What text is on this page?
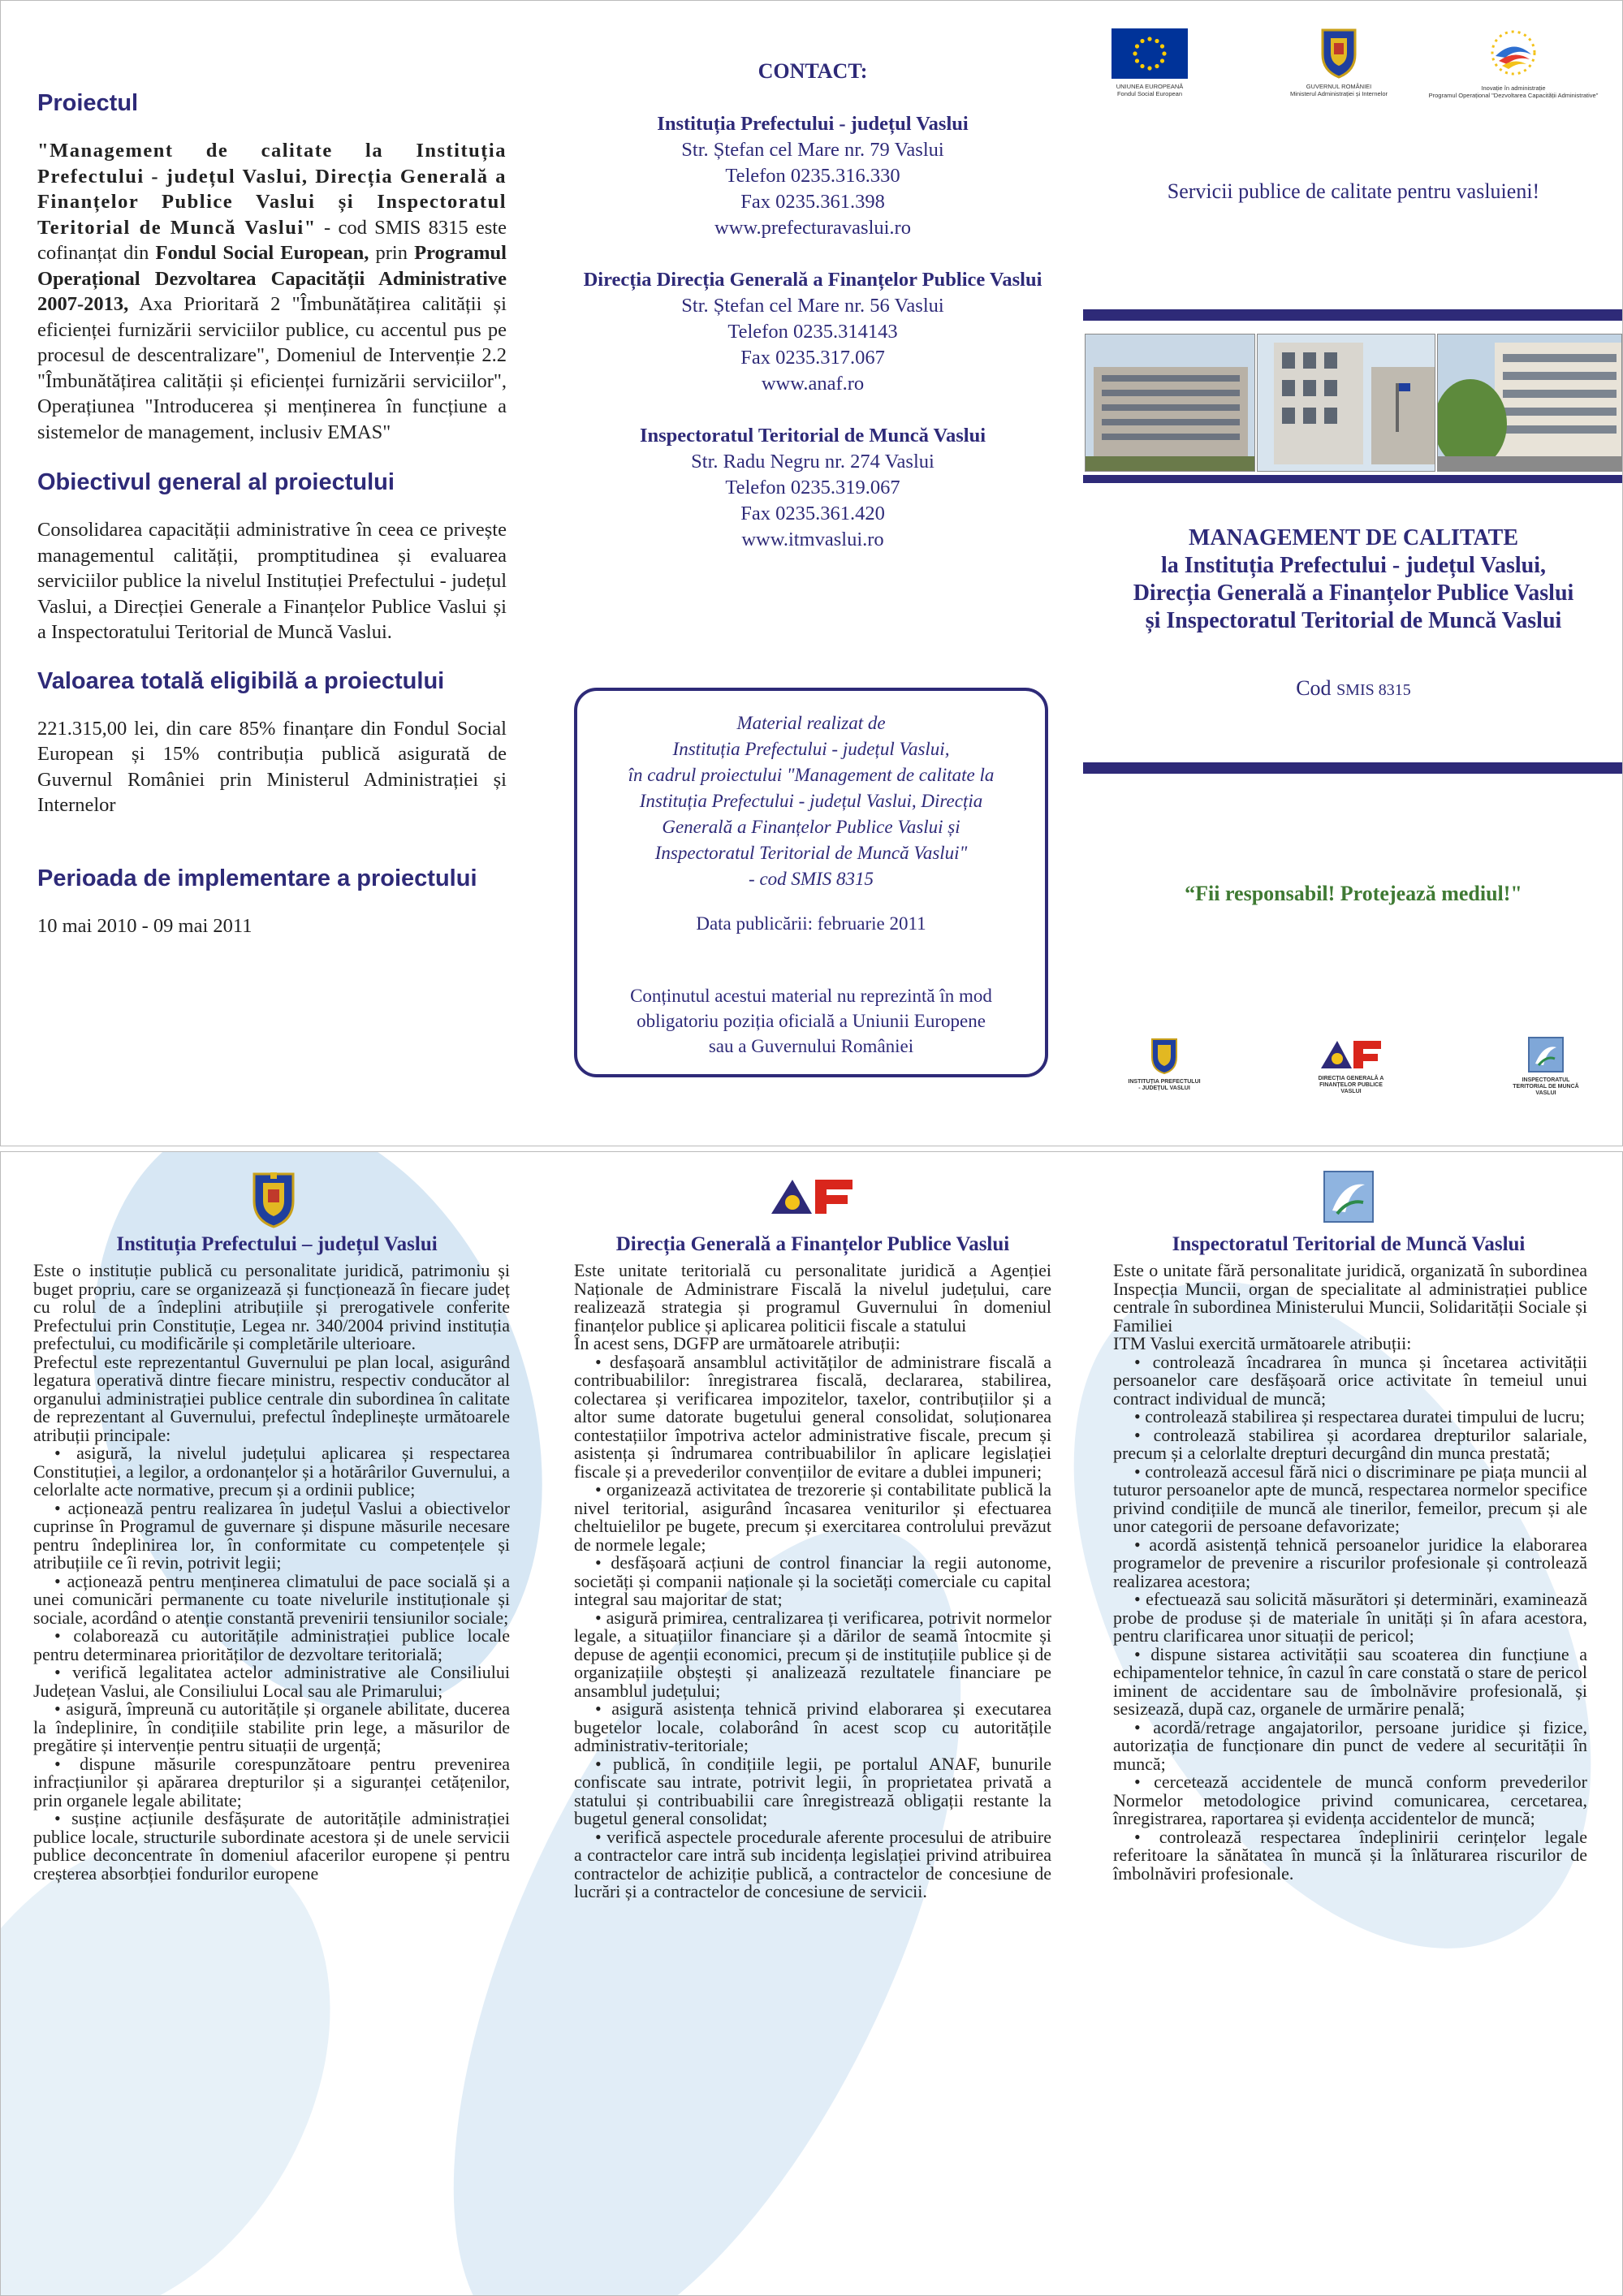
Proiectul
"Management de calitate la Instituția Prefectului - județul Vaslui, Direcția Generală a Finanțelor Publice Vaslui și Inspectoratul Teritorial de Muncă Vaslui" - cod SMIS 8315 este cofinanțat din Fondul Social European, prin Programul Operațional Dezvoltarea Capacității Administrative 2007-2013, Axa Prioritară 2 "Îmbunătățirea calității și eficienței furnizării serviciilor publice, cu accentul pus pe procesul de descentralizare", Domeniul de Intervenție 2.2 "Îmbunătățirea calității și eficienței furnizării serviciilor", Operațiunea "Introducerea și menținerea în funcțiune a sistemelor de management, inclusiv EMAS"
Obiectivul general al proiectului
Consolidarea capacității administrative în ceea ce privește managementul calității, promptitudinea și evaluarea serviciilor publice la nivelul Instituției Prefectului - județul Vaslui, a Direcției Generale a Finanțelor Publice Vaslui și a Inspectoratului Teritorial de Muncă Vaslui.
Valoarea totală eligibilă a proiectului
221.315,00 lei, din care 85% finanțare din Fondul Social European și 15% contribuția publică asigurată de Guvernul României prin Ministerul Administrației și Internelor
Perioada de implementare a proiectului
10 mai 2010 - 09 mai 2011
CONTACT:
Instituția Prefectului - județul Vaslui
Str. Ștefan cel Mare nr. 79 Vaslui
Telefon 0235.316.330
Fax 0235.361.398
www.prefecturavaslui.ro
Direcția Direcția Generală a Finanțelor Publice Vaslui
Str. Ștefan cel Mare nr. 56 Vaslui
Telefon 0235.314143
Fax 0235.317.067
www.anaf.ro
Inspectoratul Teritorial de Muncă Vaslui
Str. Radu Negru nr. 274 Vaslui
Telefon 0235.319.067
Fax 0235.361.420
www.itmvaslui.ro
Material realizat de
Instituția Prefectului - județul Vaslui,
în cadrul proiectului "Management de calitate la
Instituția Prefectului - județul Vaslui, Direcția
Generală a Finanțelor Publice Vaslui și
Inspectoratul Teritorial de Muncă Vaslui"
- cod SMIS 8315
Data publicării: februarie 2011
Conținutul acestui material nu reprezintă în mod
obligatoriu poziția oficială a Uniunii Europene
sau a Guvernului României
UNIUNEA EUROPEANĂ
Fondul Social European
GUVERNUL ROMÂNIEI
Ministerul Administrației și Internelor
Inovație în administrație
Programul Operațional "Dezvoltarea Capacității Administrative"
Servicii publice de calitate pentru vasluieni!
MANAGEMENT DE CALITATE
la Instituția Prefectului - județul Vaslui,
Direcția Generală a Finanțelor Publice Vaslui
și Inspectoratul Teritorial de Muncă Vaslui
Cod SMIS 8315
“Fii responsabil! Protejează mediul!"
INSTITUȚIA PREFECTULUI
- JUDEȚUL VASLUI
DIRECȚIA GENERALĂ A
FINANȚELOR PUBLICE
VASLUI
INSPECTORATUL
TERITORIAL DE MUNCĂ
VASLUI
Instituția Prefectului – județul Vaslui

Este o instituție publică cu personalitate juridică, patrimoniu și buget propriu, care se organizează și funcționează în fiecare județ cu rolul de a îndeplini atribuțiile și prerogativele conferite Prefectului prin Constituție, Legea nr. 340/2004 privind instituția prefectului, cu modificările și completările ulterioare.

Prefectul este reprezentantul Guvernului pe plan local, asigurând legatura operativă dintre fiecare ministru, respectiv conducător al organului administrației publice centrale din subordinea în calitate de reprezentant al Guvernului, prefectul îndeplinește următoarele atribuții principale:

• asigură, la nivelul județului aplicarea și respectarea Constituției, a legilor, a ordonanțelor și a hotărârilor Guvernului, a celorlalte acte normative, precum și a ordinii publice;

• acționează pentru realizarea în județul Vaslui a obiectivelor cuprinse în Programul de guvernare și dispune măsurile necesare pentru îndeplinirea lor, în conformitate cu competențele și atribuțiile ce îi revin, potrivit legii;

• acționează pentru menținerea climatului de pace socială și a unei comunicări permanente cu toate nivelurile instituționale și sociale, acordând o atenție constantă prevenirii tensiunilor sociale;

• colaborează cu autoritățile administrației publice locale pentru determinarea priorităților de dezvoltare teritorială;

• verifică legalitatea actelor administrative ale Consiliului Județean Vaslui, ale Consiliului Local sau ale Primarului;

• asigură, împreună cu autoritățile și organele abilitate, ducerea la îndeplinire, în condițiile stabilite prin lege, a măsurilor de pregătire și intervenție pentru situații de urgență;

• dispune măsurile corespunzătoare pentru prevenirea infracțiunilor și apărarea drepturilor și a siguranței cetățenilor, prin organele legale abilitate;

• susține acțiunile desfășurate de autoritățile administrației publice locale, structurile subordinate acestora și de unele servicii publice deconcentrate în domeniul afacerilor europene și pentru creșterea absorbției fondurilor europene

Direcția Generală a Finanțelor Publice Vaslui

Este unitate teritorială cu personalitate juridică a Agenției Naționale de Administrare Fiscală la nivelul județului, care realizează strategia și programul Guvernului în domeniul finanțelor publice și aplicarea politicii fiscale a statului

În acest sens, DGFP are următoarele atribuții:

• desfașoară ansamblul activităților de administrare fiscală a contribuabililor: înregistrarea fiscală, declararea, stabilirea, colectarea și verificarea impozitelor, taxelor, contribuțiilor și a altor sume datorate bugetului general consolidat, soluționarea contestațiilor împotriva actelor administrative fiscale, precum și asistența și îndrumarea contribuabililor în aplicare legislației fiscale și a prevederilor convențiilor de evitare a dublei impuneri;

• organizează activitatea de trezorerie și contabilitate publică la nivel teritorial, asigurând încasarea veniturilor și efectuarea cheltuielilor pe bugete, precum și exercitarea controlului prevăzut de normele legale;

• desfășoară acțiuni de control financiar la regii autonome, societăți și companii naționale și la societăți comerciale cu capital integral sau majoritar de stat;

• asigură primirea, centralizarea ți verificarea, potrivit normelor legale, a situațiilor financiare și a dărilor de seamă întocmite și depuse de agenții economici, precum și de instituțiile publice și de organizațiile obștești și analizează rezultatele financiare pe ansamblul județului;

• asigură asistența tehnică privind elaborarea și executarea bugetelor locale, colaborând în acest scop cu autoritățile administrativ-teritoriale;

• publică, în condițiile legii, pe portalul ANAF, bunurile confiscate sau intrate, potrivit legii, în proprietatea privată a statului și contribuabilii care înregistrează obligații restante la bugetul general consolidat;

• verifică aspectele procedurale aferente procesului de atribuire a contractelor care intră sub incidența legislației privind atribuirea contractelor de achiziție publică, a contractelor de concesiune de lucrări și a contractelor de concesiune de servicii.

Inspectoratul Teritorial de Muncă Vaslui

Este o unitate fără personalitate juridică, organizată în subordinea Inspecția Muncii, organ de specialitate al administrației publice centrale în subordinea Ministerului Muncii, Solidarității Sociale și Familiei

ITM Vaslui exercită următoarele atribuții:

• controlează încadrarea în munca și încetarea activității persoanelor care desfășoară orice activitate în temeiul unui contract individual de muncă;

• controlează stabilirea și respectarea duratei timpului de lucru;

• controlează stabilirea și acordarea drepturilor salariale, precum și a celorlalte drepturi decurgând din munca prestată;

• controlează accesul fără nici o discriminare pe piața muncii al tuturor persoanelor apte de muncă, respectarea normelor specifice privind condițiile de muncă ale tinerilor, femeilor, precum și ale unor categorii de persoane defavorizate;

• acordă asistență tehnică persoanelor juridice la elaborarea programelor de prevenire a riscurilor profesionale și controlează realizarea acestora;

• efectuează sau solicită măsurători și determinări, examinează probe de produse și de materiale în unități și în afara acestora, pentru clarificarea unor situații de pericol;

• dispune sistarea activității sau scoaterea din funcțiune a echipamentelor tehnice, în cazul în care constată o stare de pericol iminent de accidentare sau de îmbolnăvire profesională, și sesizează, după caz, organele de urmărire penală;

• acordă/retrage angajatorilor, persoane juridice și fizice, autorizația de funcționare din punct de vedere al securității în muncă;

• cercetează accidentele de muncă conform prevederilor Normelor metodologice privind comunicarea, cercetarea, înregistrarea, raportarea și evidența accidentelor de muncă;

• controlează respectarea îndeplinirii cerințelor legale referitoare la sănătatea în muncă și la înlăturarea riscurilor de îmbolnăviri profesionale.
